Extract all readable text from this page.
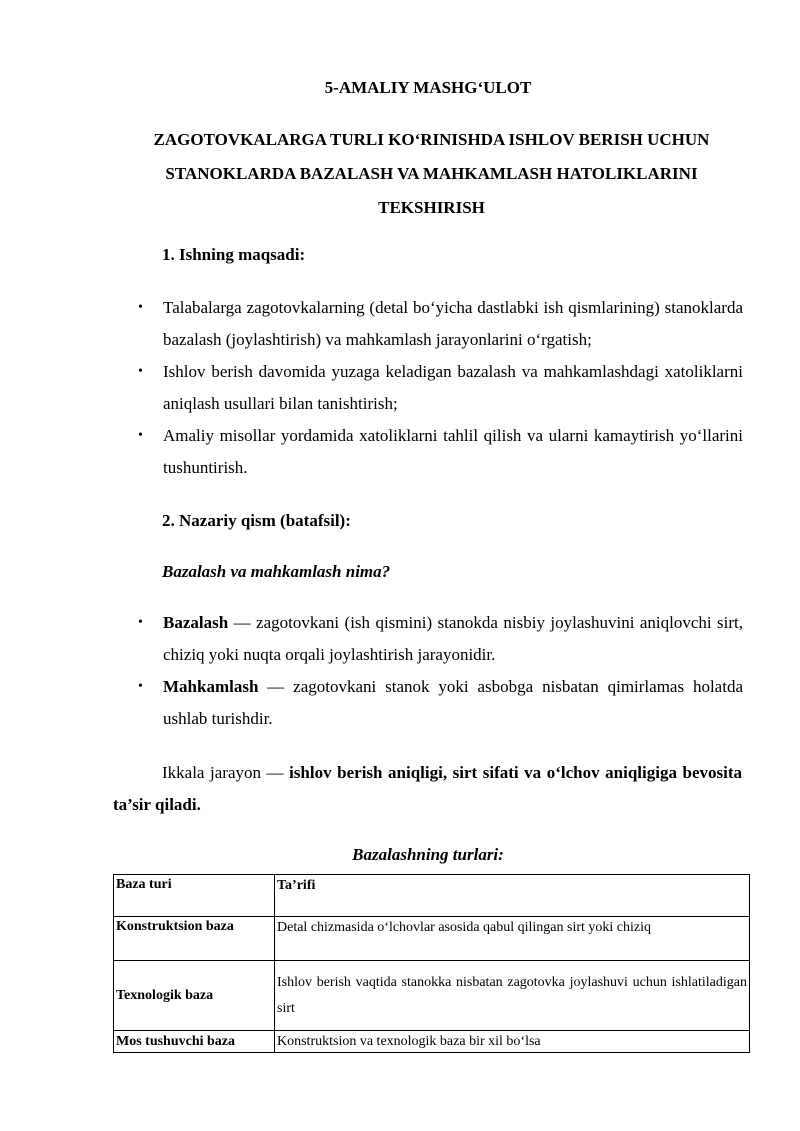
5-AMALIY MASHG‘ULOT
ZAGOTOVKALARGA TURLI KO‘RINISHDA ISHLOV BERISH UCHUN
STANOKLARDA BAZALASH VA MAHKAMLASH HATOLIKLARINI
TEKSHIRISH
1. Ishning maqsadi:
• Talabalarga zagotovkalarning (detal bo‘yicha dastlabki ish qismlarining) stanoklarda bazalash (joylashtirish) va mahkamlash jarayonlarini o‘rgatish;
• Ishlov berish davomida yuzaga keladigan bazalash va mahkamlashdagi xatoliklarni aniqlash usullari bilan tanishtirish;
• Amaliy misollar yordamida xatoliklarni tahlil qilish va ularni kamaytirish yo‘llarini tushuntirish.
2. Nazariy qism (batafsil):
Bazalash va mahkamlash nima?
• Bazalash — zagotovkani (ish qismini) stanokda nisbiy joylashuvini aniqlovchi sirt, chiziq yoki nuqta orqali joylashtirish jarayonidir.
• Mahkamlash — zagotovkani stanok yoki asbobga nisbatan qimirlamas holatda ushlab turishdir.

Ikkala jarayon — ishlov berish aniqligi, sirt sifati va o‘lchov aniqligiga bevosita ta’sir qiladi.

Bazalashning turlari:
Baza turi	Ta’rifi
Konstruktsion baza	Detal chizmasida o‘lchovlar asosida qabul qilingan sirt yoki chiziq
Texnologik baza	Ishlov berish vaqtida stanokka nisbatan zagotovka joylashuvi uchun ishlatiladigan sirt
Mos tushuvchi baza	Konstruktsion va texnologik baza bir xil bo‘lsa
